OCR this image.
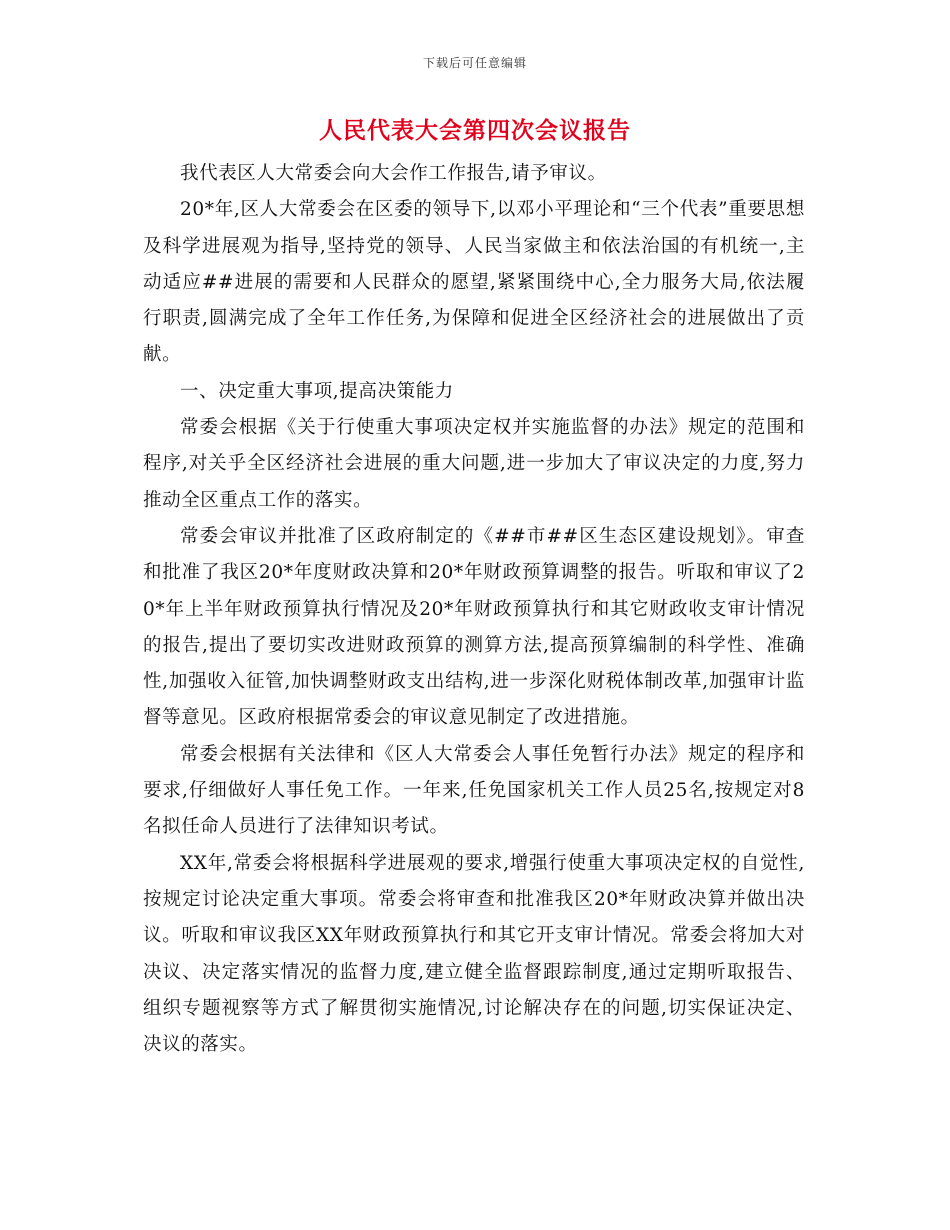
下载后可任意编辑
人民代表大会第四次会议报告

我代表区人大常委会向大会作工作报告,请予审议。

20*年,区人大常委会在区委的领导下,以邓小平理论和“三个代表”重要思想及科学进展观为指导,坚持党的领导、人民当家做主和依法治国的有机统一,主动适应##进展的需要和人民群众的愿望,紧紧围绕中心,全力服务大局,依法履行职责,圆满完成了全年工作任务,为保障和促进全区经济社会的进展做出了贡献。

一、决定重大事项,提高决策能力

常委会根据《关于行使重大事项决定权并实施监督的办法》规定的范围和程序,对关乎全区经济社会进展的重大问题,进一步加大了审议决定的力度,努力推动全区重点工作的落实。

常委会审议并批准了区政府制定的《##市##区生态区建设规划》。审查和批准了我区20*年度财政决算和20*年财政预算调整的报告。听取和审议了20*年上半年财政预算执行情况及20*年财政预算执行和其它财政收支审计情况的报告,提出了要切实改进财政预算的测算方法,提高预算编制的科学性、准确性,加强收入征管,加快调整财政支出结构,进一步深化财税体制改革,加强审计监督等意见。区政府根据常委会的审议意见制定了改进措施。

常委会根据有关法律和《区人大常委会人事任免暂行办法》规定的程序和要求,仔细做好人事任免工作。一年来,任免国家机关工作人员25名,按规定对8名拟任命人员进行了法律知识考试。

XX年,常委会将根据科学进展观的要求,增强行使重大事项决定权的自觉性,按规定讨论决定重大事项。常委会将审查和批准我区20*年财政决算并做出决议。听取和审议我区XX年财政预算执行和其它开支审计情况。常委会将加大对决议、决定落实情况的监督力度,建立健全监督跟踪制度,通过定期听取报告、组织专题视察等方式了解贯彻实施情况,讨论解决存在的问题,切实保证决定、决议的落实。
